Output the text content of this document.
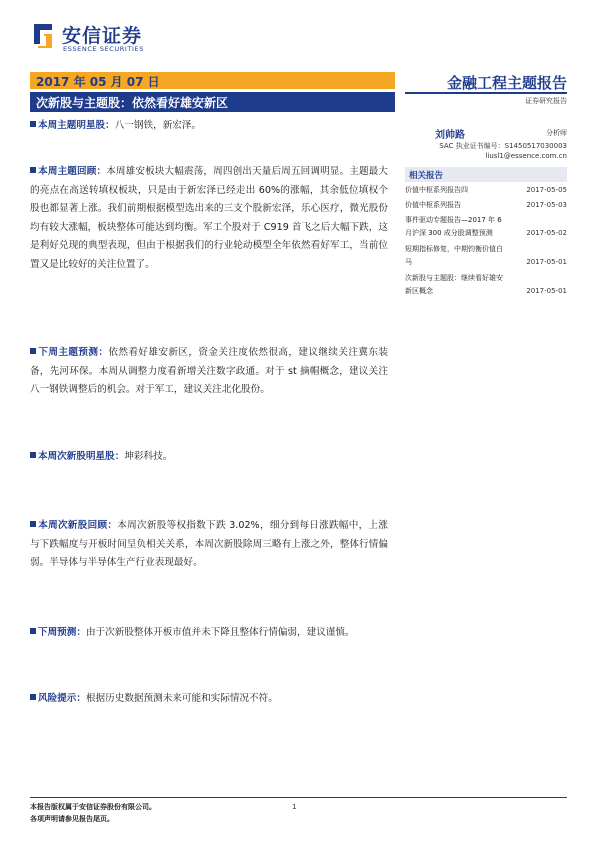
安信证券
ESSENCE SECURITIES
2017 年 05 月 07 日
次新股与主题股：依然看好雄安新区
金融工程主题报告
证券研究报告
本周主题明星股：八一钢铁，新宏泽。
本周主题回顾：本周雄安板块大幅震荡，周四创出天量后周五回调明显。主题最大的亮点在高送转填权板块，只是由于新宏泽已经走出 60%的涨幅，其余低位填权个股也都显著上涨。我们前期根据模型选出来的三支个股新宏泽，乐心医疗，微光股份均有较大涨幅，板块整体可能达到均衡。军工个股对于 C919 首飞之后大幅下跌，这是利好兑现的典型表现，但由于根据我们的行业轮动模型全年依然看好军工，当前位置又是比较好的关注位置了。
下周主题预测：依然看好雄安新区，资金关注度依然很高，建议继续关注冀东装备，先河环保。本周从调整力度看新增关注数字政通。对于 st 摘帽概念，建议关注八一钢铁调整后的机会。对于军工，建议关注北化股份。
本周次新股明星股：坤彩科技。
本周次新股回顾：本周次新股等权指数下跌 3.02%，细分到每日涨跌幅中，上涨与下跌幅度与开板时间呈负相关关系，本周次新股除周三略有上涨之外，整体行情偏弱。半导体与半导体生产行业表现最好。
下周预测：由于次新股整体开板市值并未下降且整体行情偏弱，建议谨慎。
风险提示：根据历史数据预测未来可能和实际情况不符。
刘帅路	分析师
SAC 执业证书编号：S1450517030003
liusl1@essence.com.cn
相关报告
价值中枢系列报告四	2017-05-05
价值中枢系列报告	2017-05-03
事件驱动专题报告—2017 年 6 月沪深 300 成分股调整预测	2017-05-02
短期指标修复，中期钧衡价值白马	2017-05-01
次新股与主题股：继续看好雄安新区概念	2017-05-01
本报告版权属于安信证券股份有限公司。
各项声明请参见报告尾页。
1
